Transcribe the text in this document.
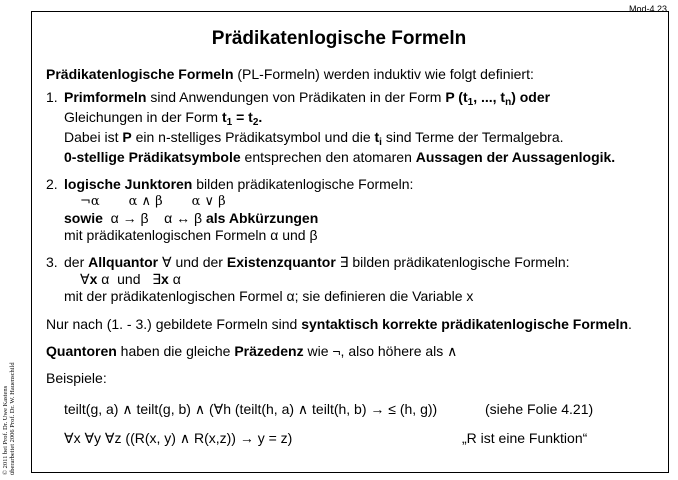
Mod-4.23
Prädikatenlogische Formeln
Prädikatenlogische Formeln (PL-Formeln) werden induktiv wie folgt definiert:
1. Primformeln sind Anwendungen von Prädikaten in der Form P ($t_1$, ..., $t_n$) oder
Gleichungen in der Form $t_1 = t_2$.
Dabei ist P ein n-stelliges Prädikatsymbol und die $t_i$ sind Terme der Termalgebra.
0-stellige Prädikatsymbole entsprechen den atomaren Aussagen der Aussagenlogik.
2. logische Junktoren bilden prädikatenlogische Formeln:
¬α       α ∧ β       α ∨ β
sowie  α → β    α ↔ β als Abkürzungen
mit prädikatenlogischen Formeln α und β
3. der Allquantor ∀ und der Existenzquantor ∃ bilden prädikatenlogische Formeln:
∀x α  und   ∃x α
mit der prädikatenlogischen Formel α; sie definieren die Variable x
Nur nach (1. - 3.) gebildete Formeln sind syntaktisch korrekte prädikatenlogische Formeln.
Quantoren haben die gleiche Präzedenz wie ¬, also höhere als ∧
Beispiele:
teilt(g, a) ∧ teilt(g, b) ∧ (∀h (teilt(h, a) ∧ teilt(h, b) → ≤ (h, g))	(siehe Folie 4.21)
∀x ∀y ∀z ((R(x, y) ∧ R(x,z)) → y = z)	„R ist eine Funktion“
© 2011 bei Prof. Dr. Uwe Kastens überarbeitet 2006 Prof. Dr. W. Hauenschild
